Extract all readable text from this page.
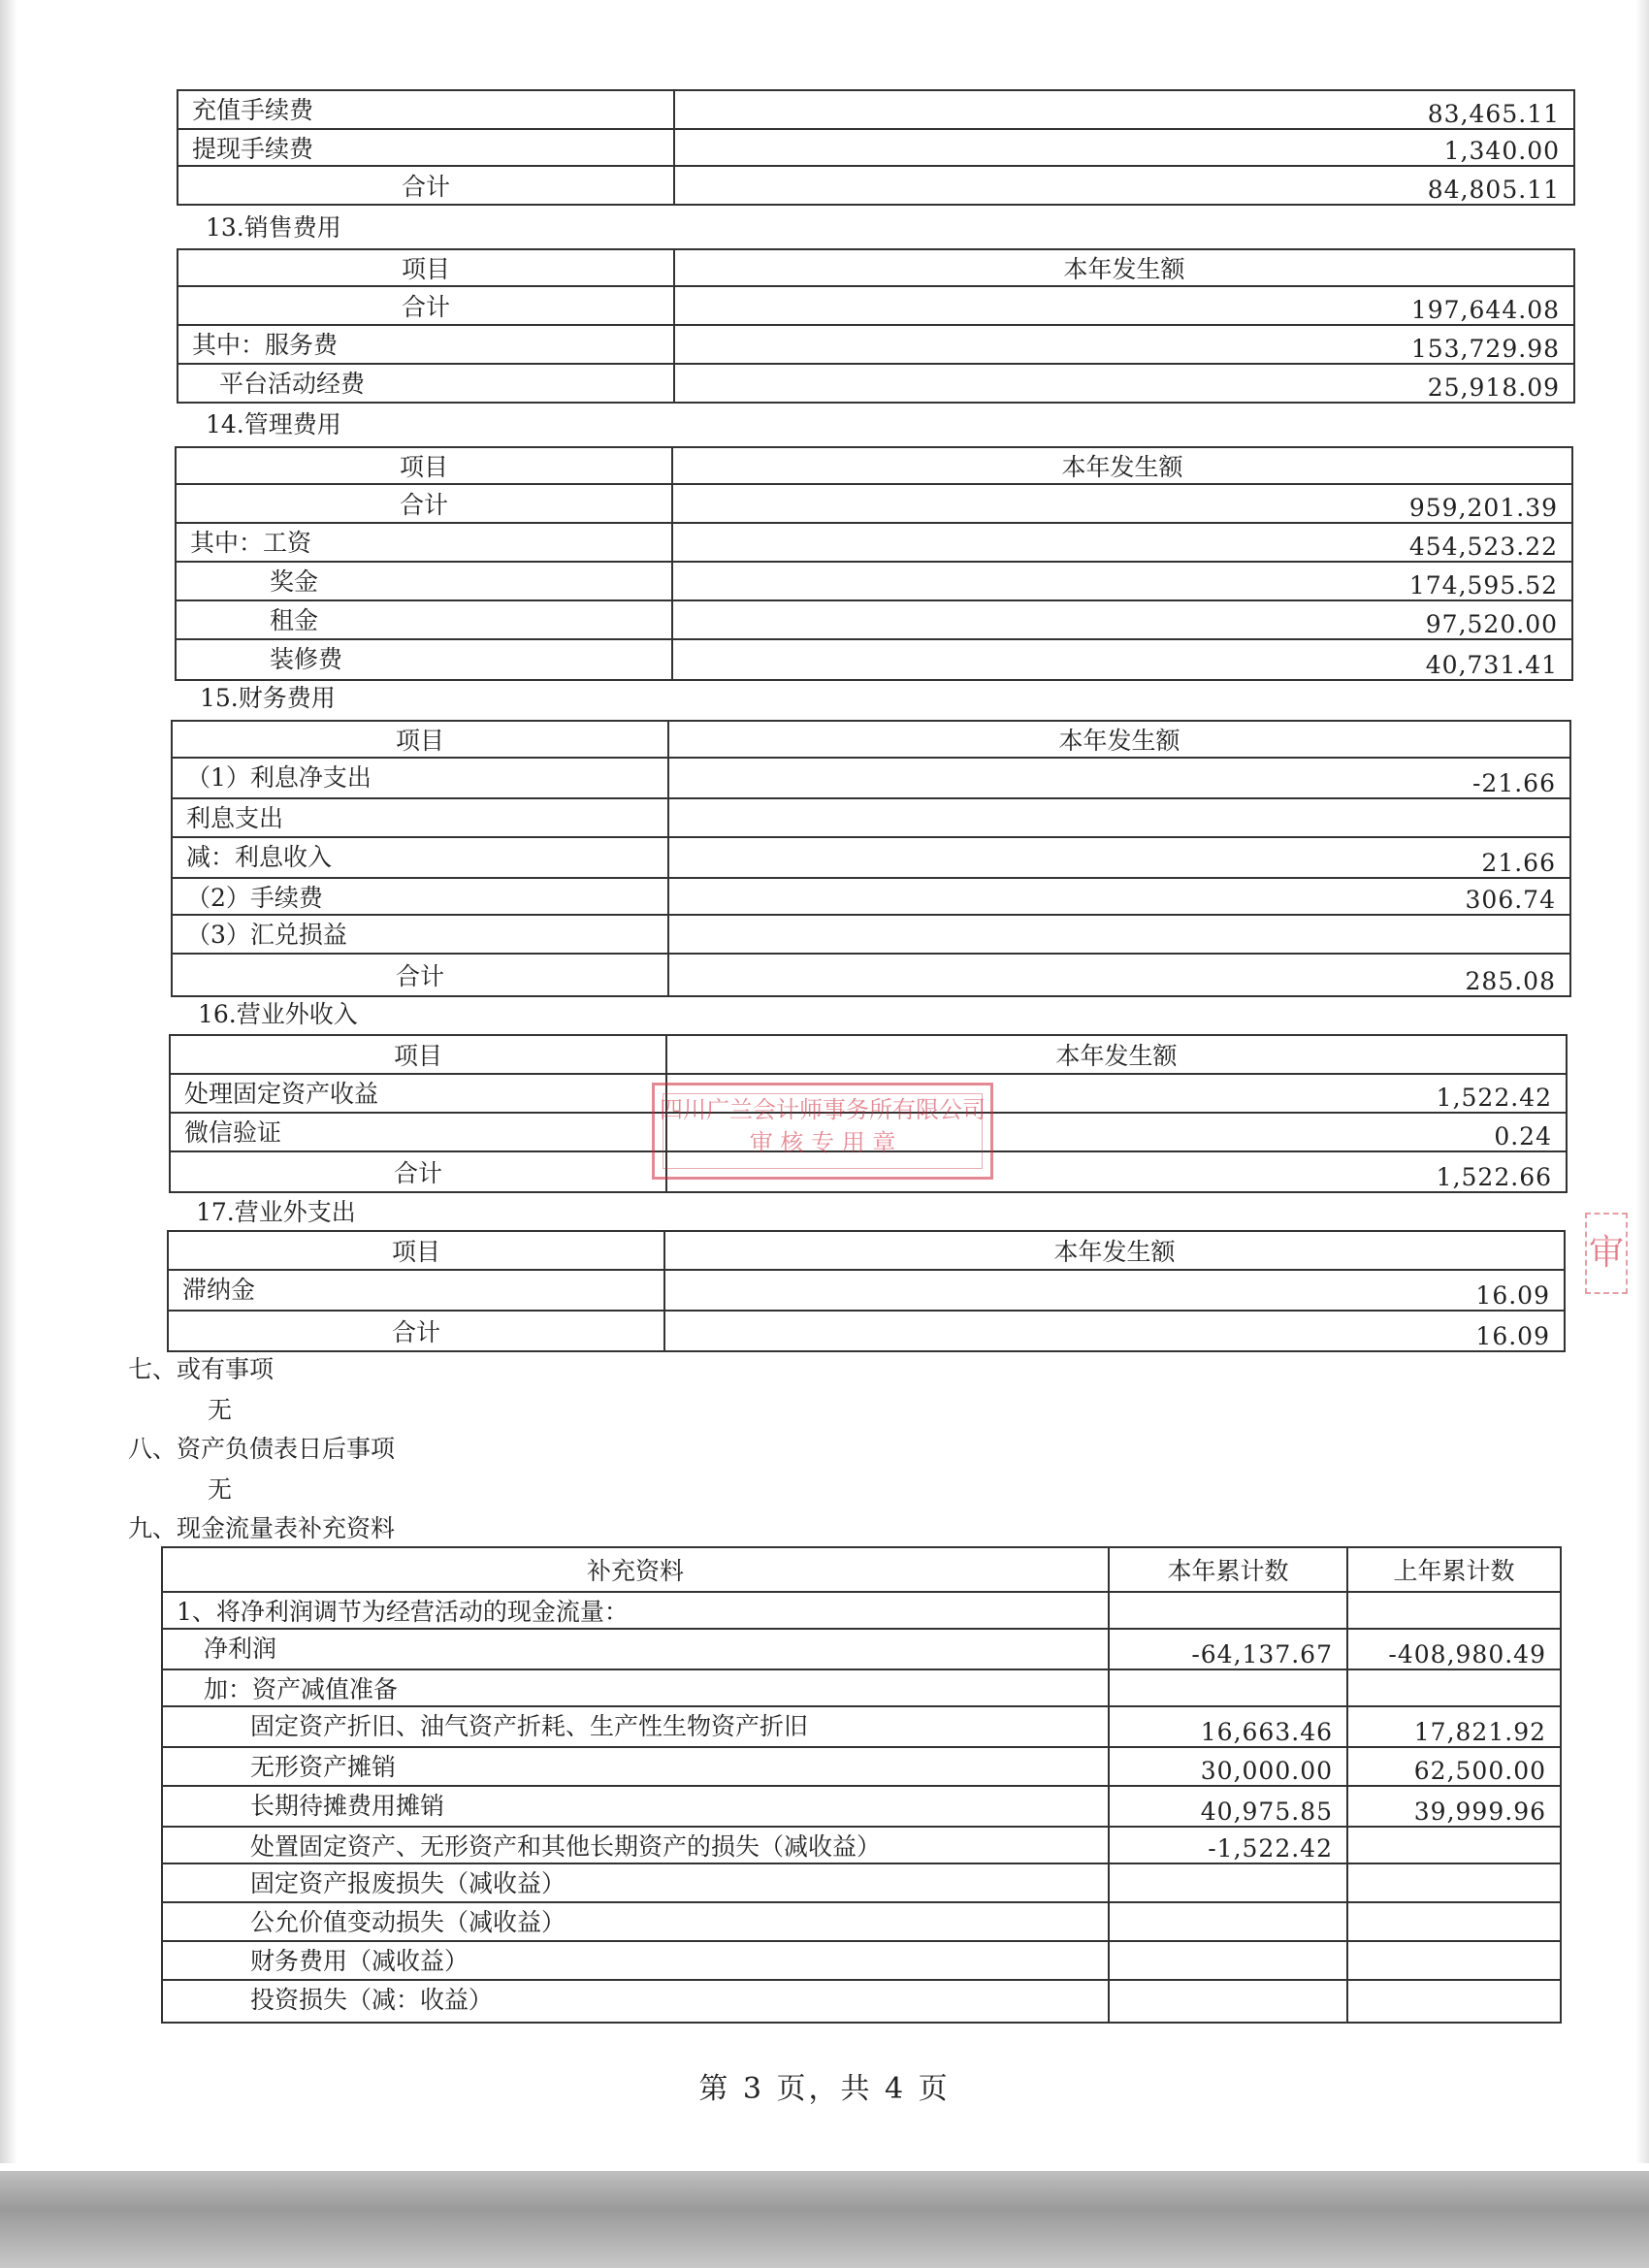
充值手续费	83,465.11
提现手续费	1,340.00
合计	84,805.11
13.销售费用
项目	本年发生额
合计	197,644.08
其中：服务费	153,729.98
平台活动经费	25,918.09
14.管理费用
项目	本年发生额
合计	959,201.39
其中：工资	454,523.22
奖金	174,595.52
租金	97,520.00
装修费	40,731.41
15.财务费用
项目	本年发生额
（1）利息净支出	-21.66
利息支出	
减：利息收入	21.66
（2）手续费	306.74
（3）汇兑损益	
合计	285.08
16.营业外收入
项目	本年发生额
处理固定资产收益	1,522.42
微信验证	0.24
合计	1,522.66
17.营业外支出
项目	本年发生额
滞纳金	16.09
合计	16.09
七、或有事项
无
八、资产负债表日后事项
无
九、现金流量表补充资料
补充资料	本年累计数	上年累计数
1、将净利润调节为经营活动的现金流量：		
净利润	-64,137.67	-408,980.49
加：资产减值准备		
固定资产折旧、油气资产折耗、生产性生物资产折旧	16,663.46	17,821.92
无形资产摊销	30,000.00	62,500.00
长期待摊费用摊销	40,975.85	39,999.96
处置固定资产、无形资产和其他长期资产的损失（减收益）	-1,522.42	
固定资产报废损失（减收益）		
公允价值变动损失（减收益）		
财务费用（减收益）		
投资损失（减：收益）		
四川广兰会计师事务所有限公司
审 核 专 用 章
审
第 3 页，共 4 页
